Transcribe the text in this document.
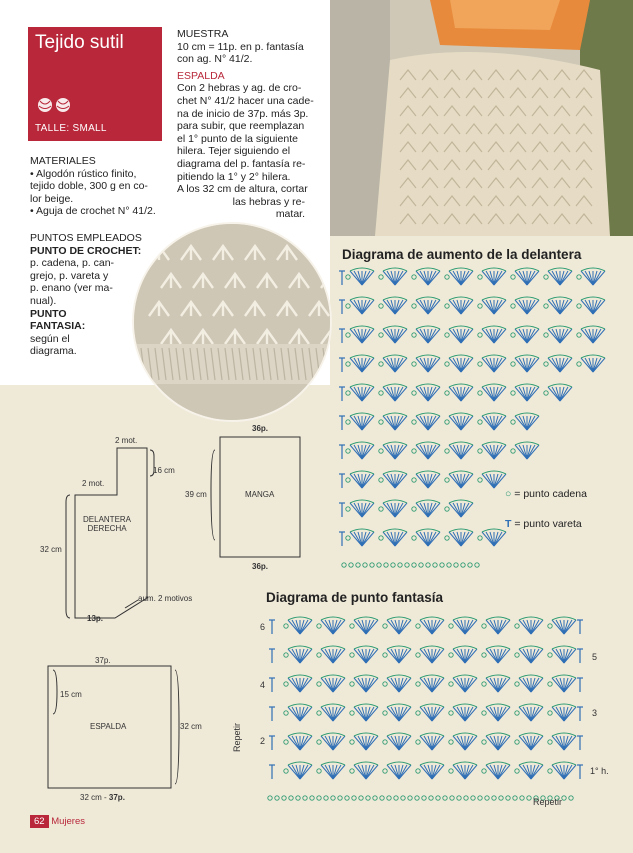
Tejido sutil
TALLE: SMALL
MATERIALES
• Algodón rústico finito,
tejido doble, 300 g en co-
lor beige.
• Aguja de crochet N° 41/2.
PUNTOS EMPLEADOS
PUNTO DE CROCHET:
p. cadena, p. can-
grejo, p. vareta y
p. enano (ver ma-
nual).
PUNTO
FANTASIA:
según el
diagrama.
MUESTRA
10 cm = 11p. en p. fantasía
con ag. N° 41/2.
ESPALDA
Con 2 hebras y ag. de cro-
chet N° 41/2 hacer una cade-
na de inicio de 37p. más 3p.
para subir, que reemplazan
el 1° punto de la siguiente
hilera. Tejer siguiendo el
diagrama del p. fantasía re-
pitiendo la 1° y 2° hilera.
A los 32 cm de altura, cortar
las hebras y re-
matar.
Diagrama de aumento de la delantera
○ = punto cadena
T = punto vareta
Diagrama de punto fantasía
6
5
4
3
2
1° h.
Repetir
Repetir
2 mot.
16 cm
2 mot.
DELANTERA
DERECHA
32 cm
aum. 2 motivos
13p.
36p.
39 cm	MANGA
36p.
37p.
15 cm
ESPALDA	32 cm
32 cm - 37p.
62 Mujeres
